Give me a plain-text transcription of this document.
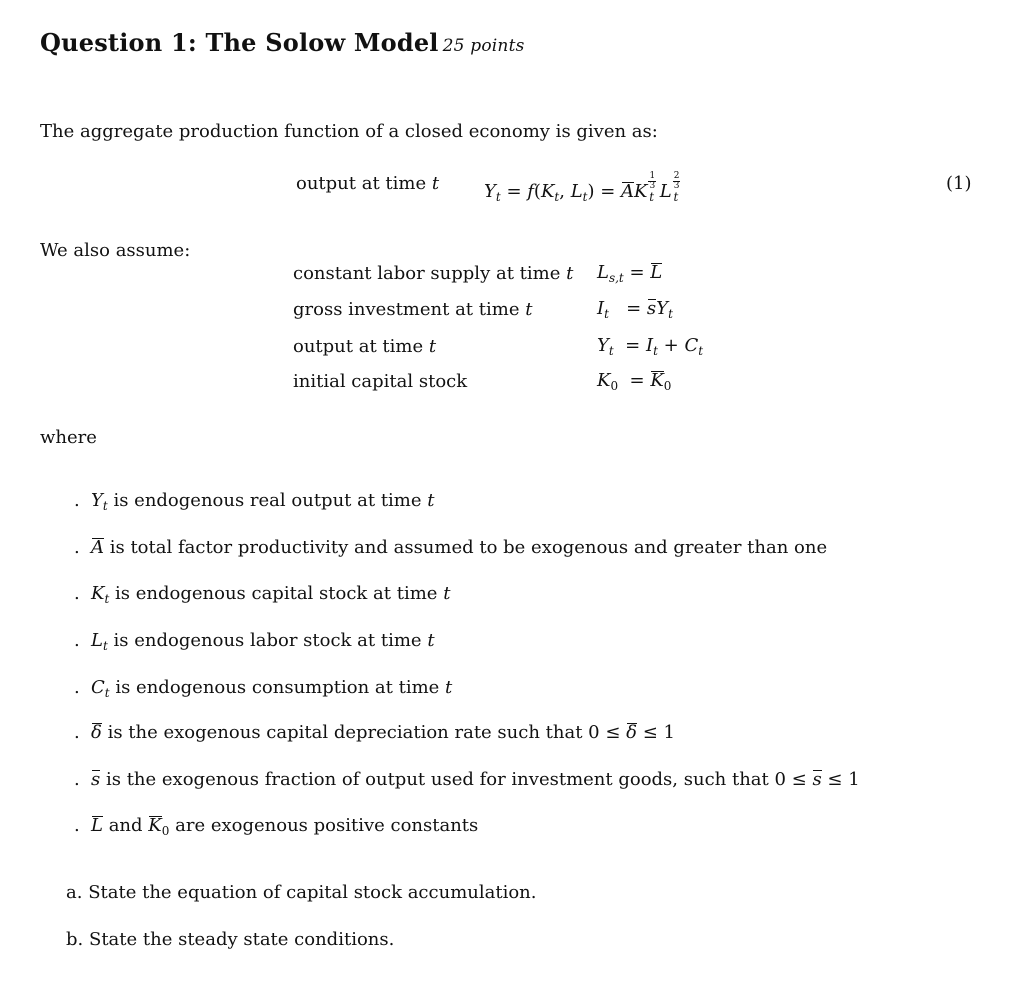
Question 1: The Solow Model 25 points
The aggregate production function of a closed economy is given as:
output at time t $Y_t = f(K_t$, $L_t$) = AK $\frac{1}{3}$
$_t$ L $\frac{2}{3}$
$_t$
(1)
We also assume:
constant labor supply at time t $L_{s,t} = L$
gross investment at time t	$I_t = sY_t$
output at time t	$Y_t = I_t + C_t$
initial capital stock	$K_0 = K_0$
where
. $Y_t$ is endogenous real output at time t
. A is total factor productivity and assumed to be exogenous and greater than one
. $K_t$ is endogenous capital stock at time t
. $L_t$ is endogenous labor stock at time t
. $C_t$ is endogenous consumption at time t
. δ is the exogenous capital depreciation rate such that 0 ≤ δ ≤ 1
. s is the exogenous fraction of output used for investment goods, such that 0 ≤ s ≤ 1
. L and $K_0$ are exogenous positive constants
a. State the equation of capital stock accumulation.
b. State the steady state conditions.
